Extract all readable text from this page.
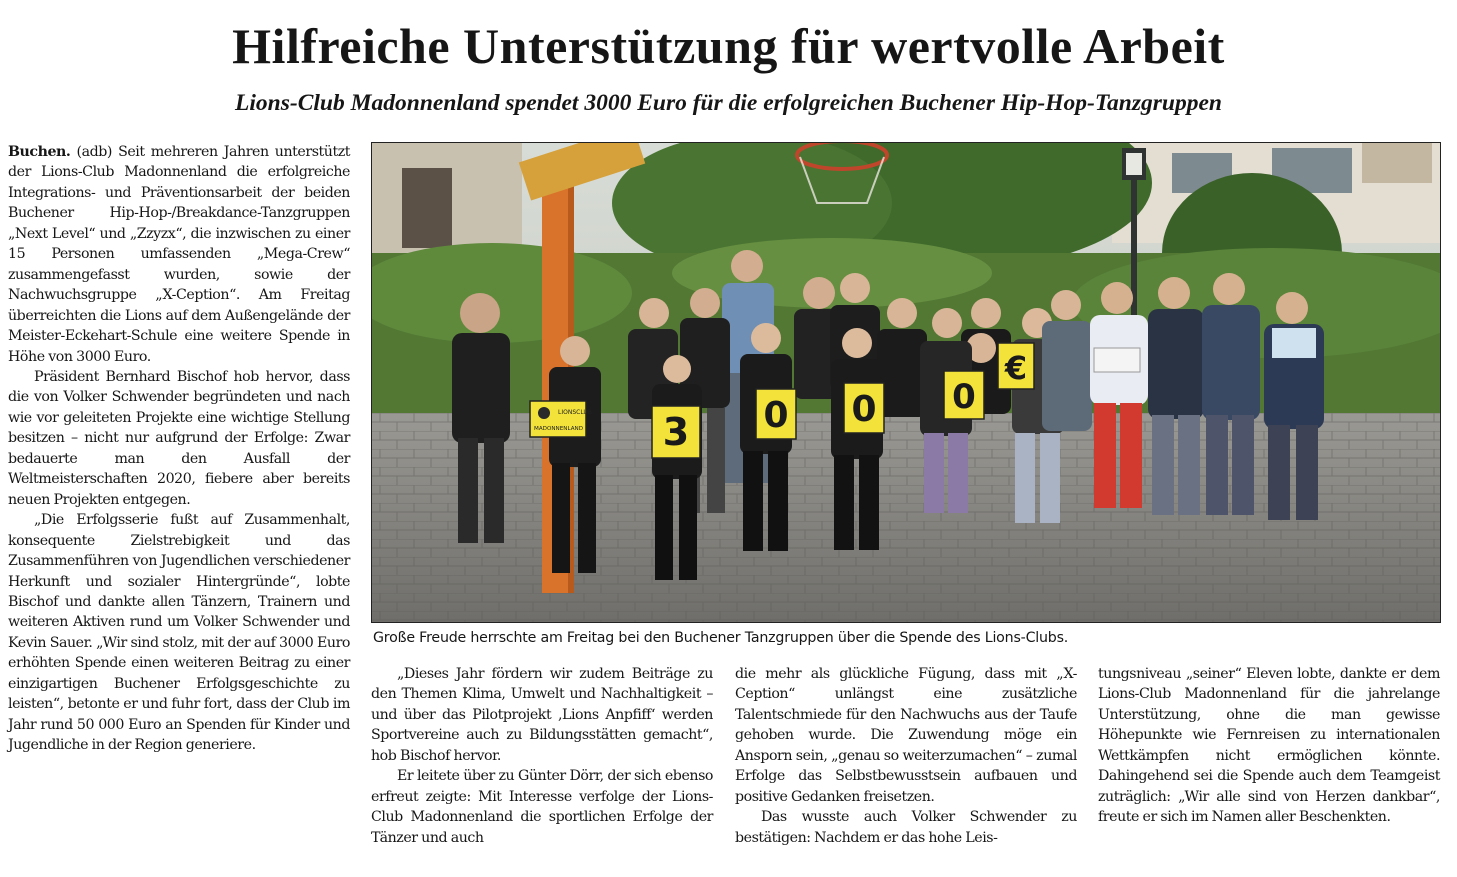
Hilfreiche Unterstützung für wertvolle Arbeit
Lions-Club Madonnenland spendet 3000 Euro für die erfolgreichen Buchener Hip-Hop-Tanzgruppen

Buchen. (adb) Seit mehreren Jahren unterstützt der Lions-Club Madonnenland die erfolgreiche Integrations- und Präventionsarbeit der beiden Buchener Hip-Hop-/Breakdance-Tanzgruppen „Next Level“ und „Zzyzx“, die inzwischen zu einer 15 Personen umfassenden „Mega-Crew“ zusammengefasst wurden, sowie der Nachwuchsgruppe „X-Ception“. Am Freitag überreichten die Lions auf dem Außengelände der Meister-Eckehart-Schule eine weitere Spende in Höhe von 3000 Euro.

Präsident Bernhard Bischof hob hervor, dass die von Volker Schwender begründeten und nach wie vor geleiteten Projekte eine wichtige Stellung besitzen – nicht nur aufgrund der Erfolge: Zwar bedauerte man den Ausfall der Weltmeisterschaften 2020, fiebere aber bereits neuen Projekten entgegen.

„Die Erfolgsserie fußt auf Zusammenhalt, konsequente Zielstrebigkeit und das Zusammenführen von Jugendlichen verschiedener Herkunft und sozialer Hintergründe“, lobte Bischof und dankte allen Tänzern, Trainern und weiteren Aktiven rund um Volker Schwender und Kevin Sauer. „Wir sind stolz, mit der auf 3000 Euro erhöhten Spende einen weiteren Beitrag zu einer einzigartigen Buchener Erfolgsgeschichte zu leisten“, betonte er und fuhr fort, dass der Club im Jahr rund 50 000 Euro an Spenden für Kinder und Jugendliche in der Region generiere.

LIONSCLUB
MADONNENLAND 3 0 0 0
€

Große Freude herrschte am Freitag bei den Buchener Tanzgruppen über die Spende des Lions-Clubs.

„Dieses Jahr fördern wir zudem Beiträge zu den Themen Klima, Umwelt und Nachhaltigkeit – und über das Pilotprojekt ‚Lions Anpfiff‘ werden Sportvereine auch zu Bildungsstätten gemacht“, hob Bischof hervor.

Er leitete über zu Günter Dörr, der sich ebenso erfreut zeigte: Mit Interesse verfolge der Lions-Club Madonnenland die sportlichen Erfolge der Tänzer und auch

die mehr als glückliche Fügung, dass mit „X-Ception“ unlängst eine zusätzliche Talentschmiede für den Nachwuchs aus der Taufe gehoben wurde. Die Zuwendung möge ein Ansporn sein, „genau so weiterzumachen“ – zumal Erfolge das Selbstbewusstsein aufbauen und positive Gedanken freisetzen.

Das wusste auch Volker Schwender zu bestätigen: Nachdem er das hohe Leis-

tungsniveau „seiner“ Eleven lobte, dankte er dem Lions-Club Madonnenland für die jahrelange Unterstützung, ohne die man gewisse Höhepunkte wie Fernreisen zu internationalen Wettkämpfen nicht ermöglichen könnte. Dahingehend sei die Spende auch dem Teamgeist zuträglich: „Wir alle sind von Herzen dankbar“, freute er sich im Namen aller Beschenkten.
